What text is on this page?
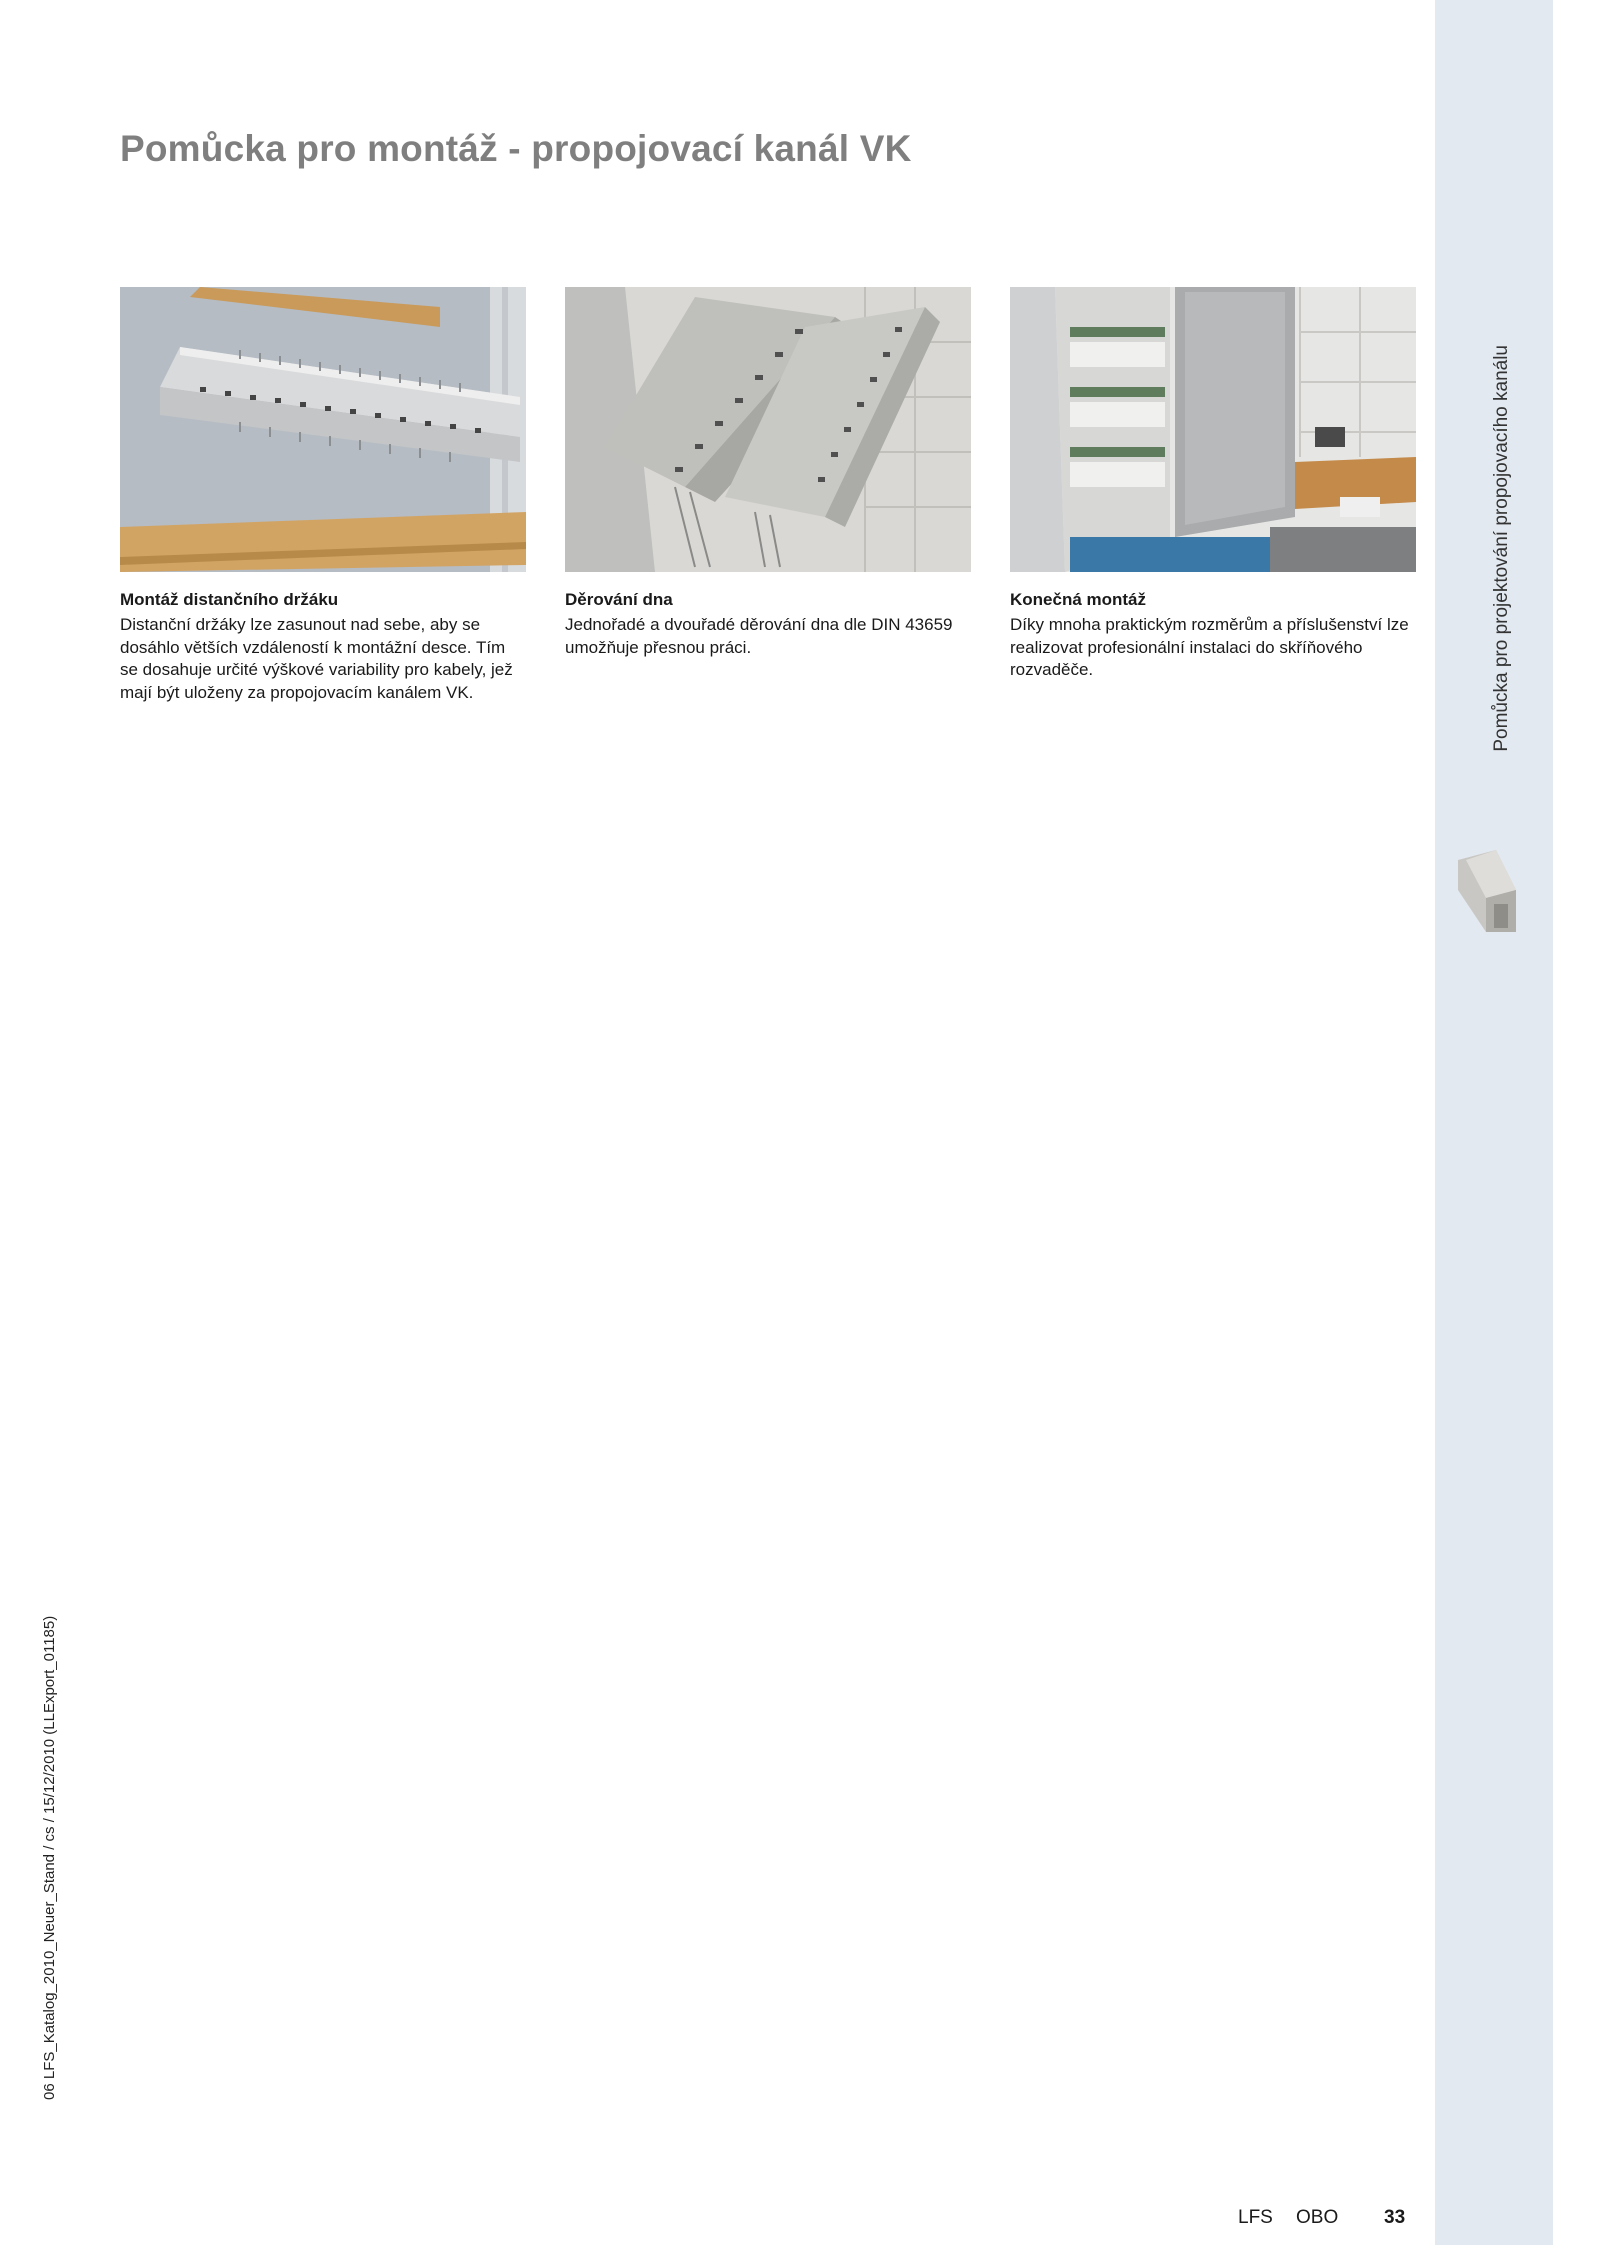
Pomůcka pro montáž - propojovací kanál VK
Montáž distančního držáku
Distanční držáky lze zasunout nad sebe, aby se dosáhlo větších vzdáleností k montážní desce. Tím se dosahuje určité výškové variability pro kabely, jež mají být uloženy za propojovacím kanálem VK.
Děrování dna
Jednořadé a dvouřadé děrování dna dle DIN 43659 umožňuje přesnou práci.
Konečná montáž
Díky mnoha praktickým rozměrům a příslušenství lze realizovat profesionální instalaci do skříňového rozvaděče.	Pomůcka pro projektování propojovacího kanálu
06 LFS_Katalog_2010_Neuer_Stand / cs / 15/12/2010 (LLExport_01185)
LFS OBO 33
